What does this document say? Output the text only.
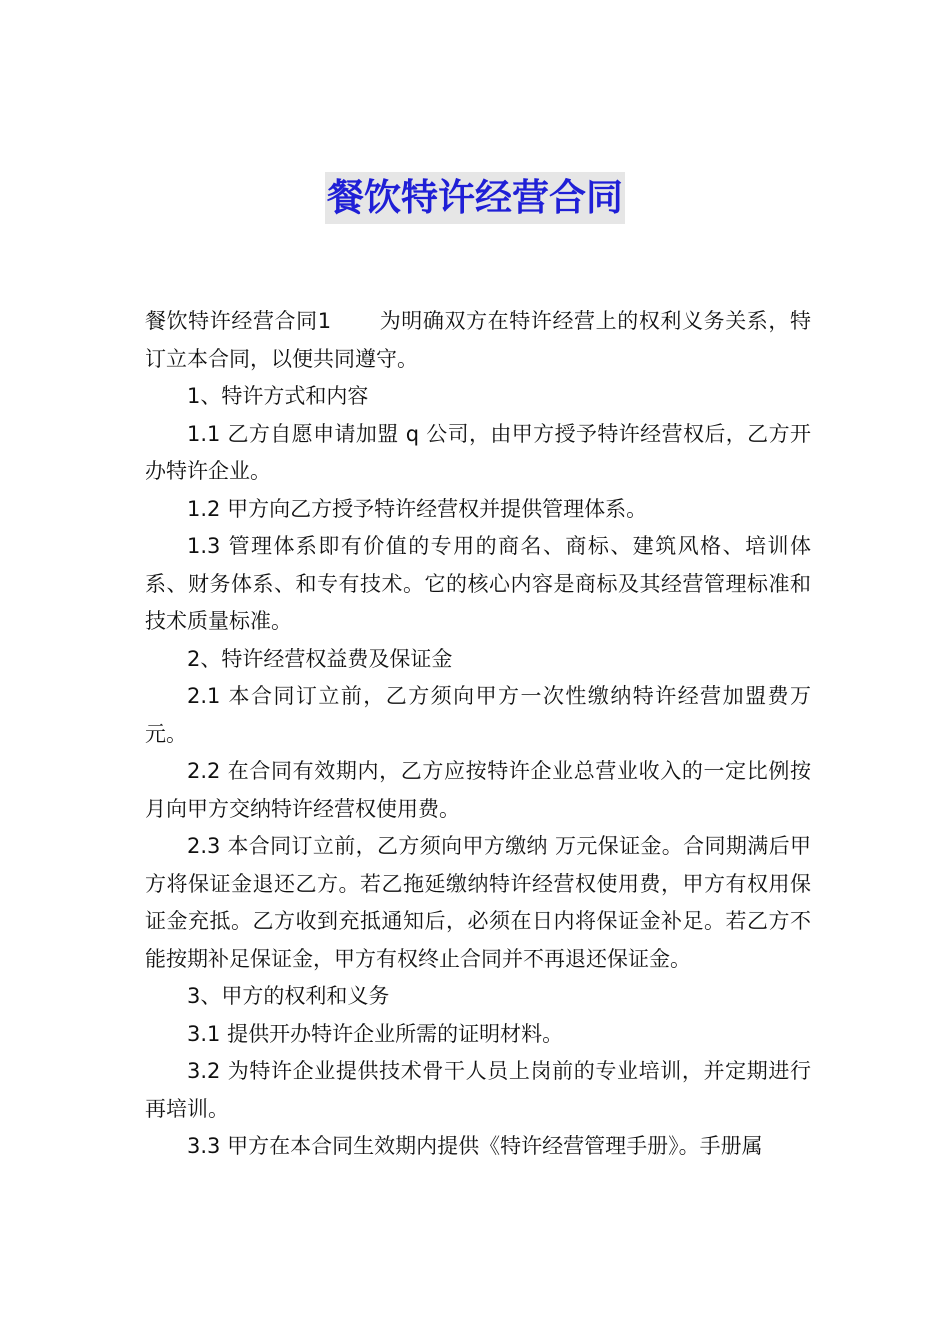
餐饮特许经营合同

餐饮特许经营合同1 为明确双方在特许经营上的权利义务关系，特订立本合同，以便共同遵守。

1、特许方式和内容

1.1 乙方自愿申请加盟 q 公司，由甲方授予特许经营权后，乙方开办特许企业。

1.2 甲方向乙方授予特许经营权并提供管理体系。

1.3 管理体系即有价值的专用的商名、商标、建筑风格、培训体系、财务体系、和专有技术。它的核心内容是商标及其经营管理标准和技术质量标准。

2、特许经营权益费及保证金

2.1 本合同订立前，乙方须向甲方一次性缴纳特许经营加盟费万元。

2.2 在合同有效期内，乙方应按特许企业总营业收入的一定比例按月向甲方交纳特许经营权使用费。

2.3 本合同订立前，乙方须向甲方缴纳 万元保证金。合同期满后甲方将保证金退还乙方。若乙拖延缴纳特许经营权使用费，甲方有权用保证金充抵。乙方收到充抵通知后，必须在日内将保证金补足。若乙方不能按期补足保证金，甲方有权终止合同并不再退还保证金。

3、甲方的权利和义务

3.1 提供开办特许企业所需的证明材料。

3.2 为特许企业提供技术骨干人员上岗前的专业培训，并定期进行再培训。

3.3 甲方在本合同生效期内提供《特许经营管理手册》。手册属
